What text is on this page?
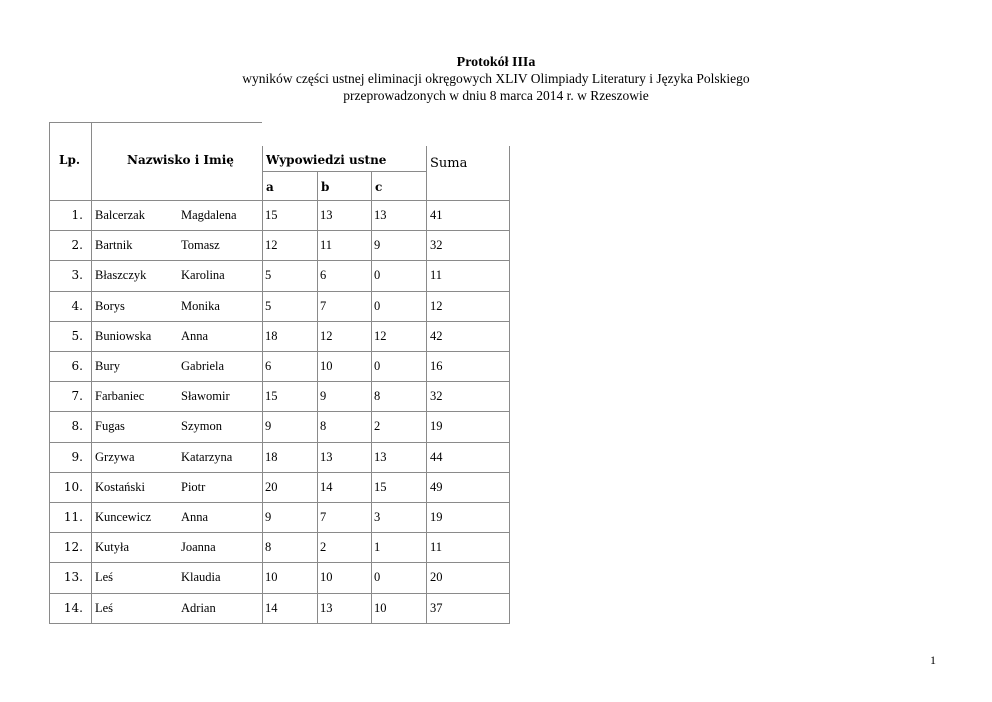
Protokół IIIa
wyników części ustnej eliminacji okręgowych XLIV Olimpiady Literatury i Języka Polskiego
przeprowadzonych w dniu 8 marca 2014 r. w Rzeszowie
Lp.	Nazwisko i Imię	Wypowiedzi ustne
a	b	c
Suma
1. Balcerzak	Magdalena 15	13	13	41
2. Bartnik	Tomasz	12	11	9	32
3. Błaszczyk	Karolina	5	6	0	11
4. Borys	Monika	5	7	0	12
5. Buniowska Anna	18	12	12	42
6. Bury	Gabriela	6	10	0	16
7. Farbaniec	Sławomir	15	9	8	32
8. Fugas	Szymon	9	8	2	19
9. Grzywa	Katarzyna	18	13	13	44
10. Kostański	Piotr	20	14	15	49
11. Kuncewicz Anna	9	7	3	19
12. Kutyła	Joanna	8	2	1	11
13. Leś	Klaudia	10	10	0	20
14. Leś	Adrian	14	13	10	37
1
